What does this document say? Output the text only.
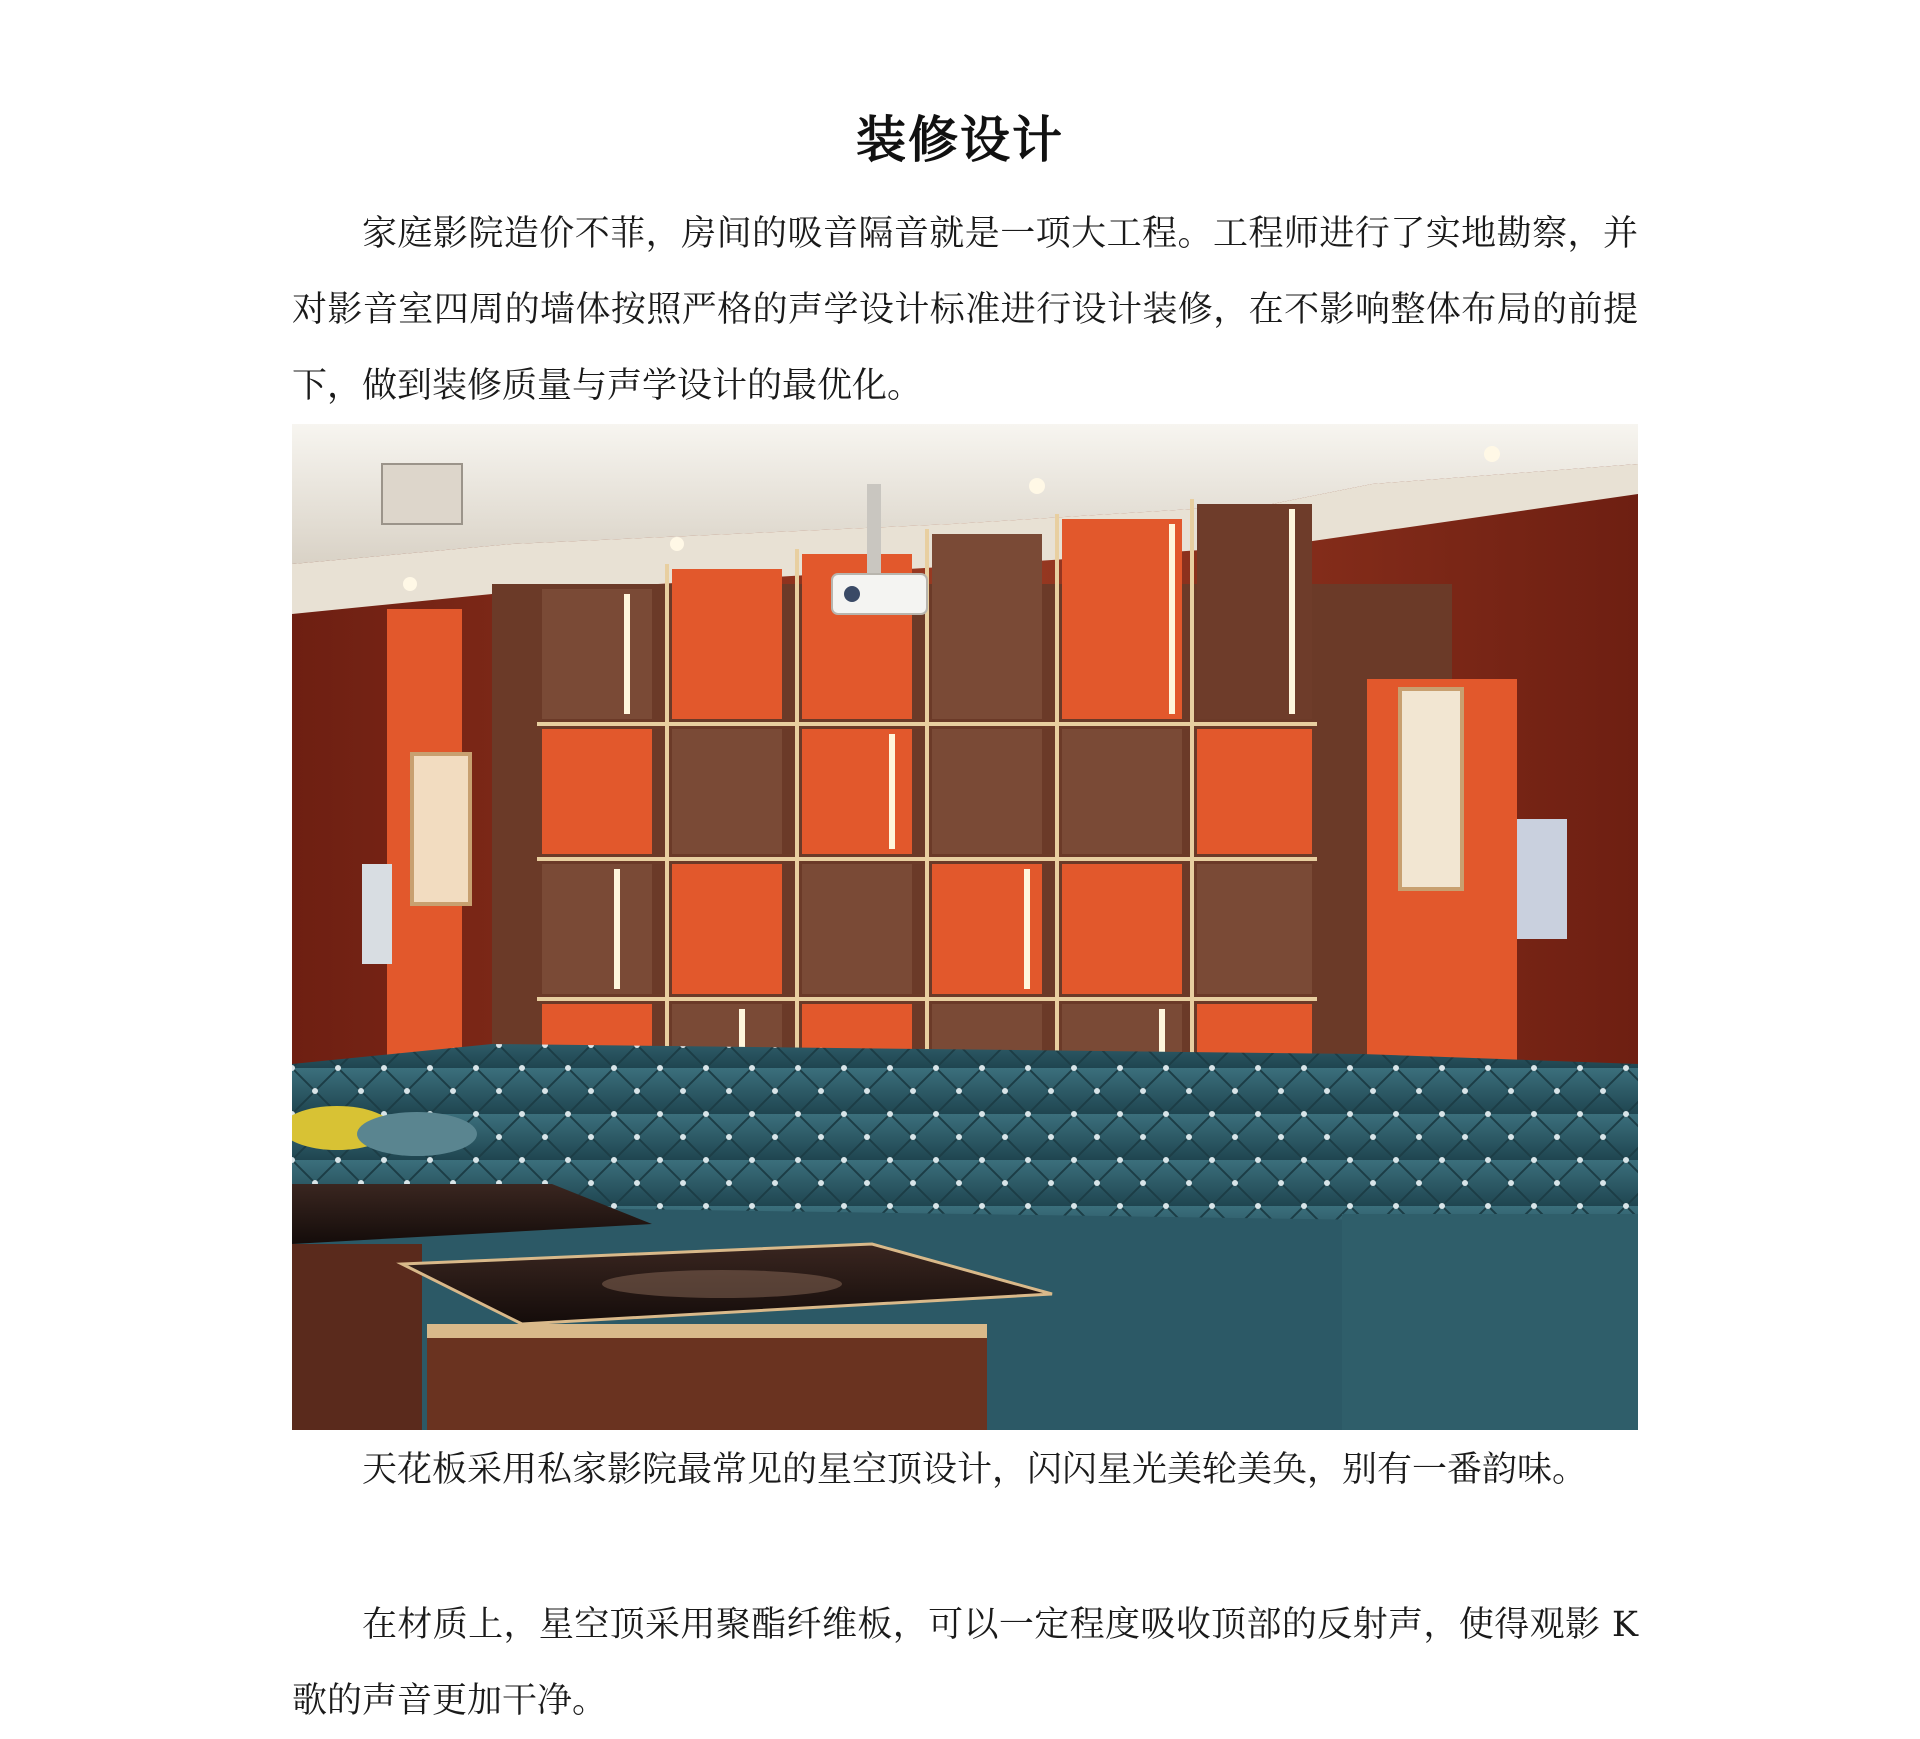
装修设计

家庭影院造价不菲，房间的吸音隔音就是一项大工程。工程师进行了实地勘察，并对影音室四周的墙体按照严格的声学设计标准进行设计装修，在不影响整体布局的前提下，做到装修质量与声学设计的最优化。

天花板采用私家影院最常见的星空顶设计，闪闪星光美轮美奂，别有一番韵味。

在材质上，星空顶采用聚酯纤维板，可以一定程度吸收顶部的反射声，使得观影 K 歌的声音更加干净。
